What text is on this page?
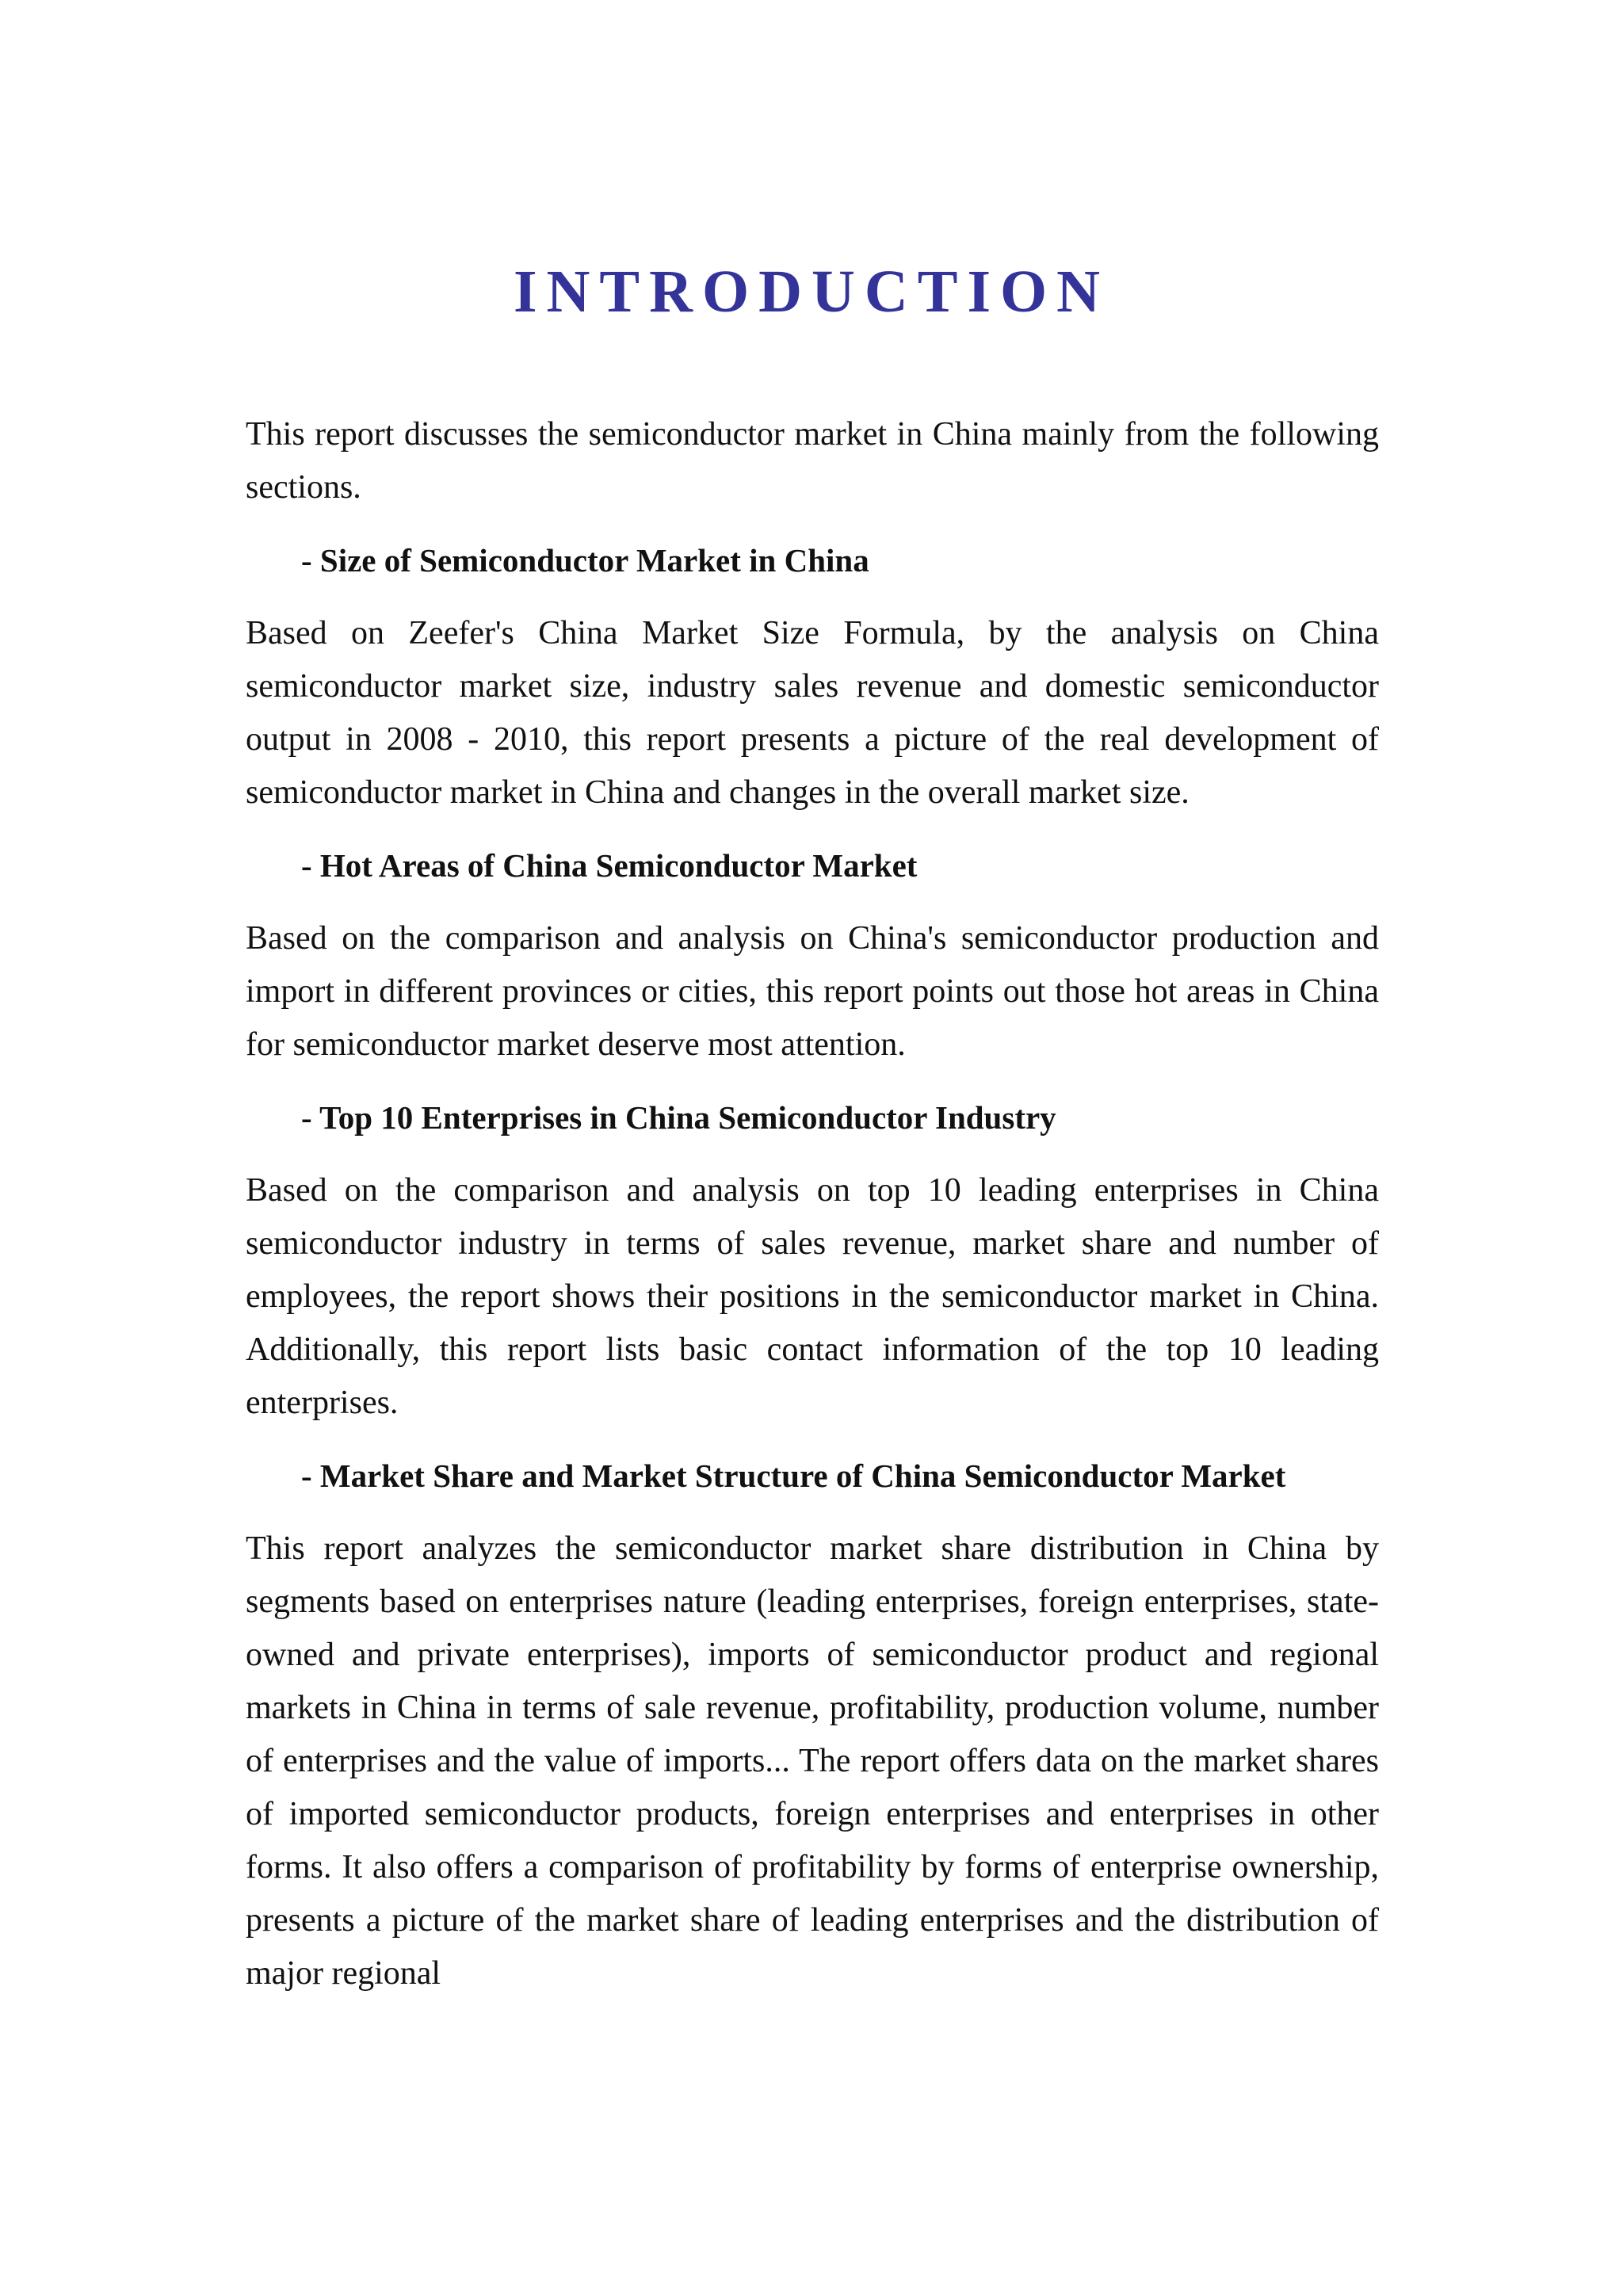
INTRODUCTION

This report discusses the semiconductor market in China mainly from the following sections.

- Size of Semiconductor Market in China

Based on Zeefer's China Market Size Formula, by the analysis on China semiconductor market size, industry sales revenue and domestic semiconductor output in 2008 - 2010, this report presents a picture of the real development of semiconductor market in China and changes in the overall market size.

- Hot Areas of China Semiconductor Market

Based on the comparison and analysis on China's semiconductor production and import in different provinces or cities, this report points out those hot areas in China for semiconductor market deserve most attention.

- Top 10 Enterprises in China Semiconductor Industry

Based on the comparison and analysis on top 10 leading enterprises in China semiconductor industry in terms of sales revenue, market share and number of employees, the report shows their positions in the semiconductor market in China. Additionally, this report lists basic contact information of the top 10 leading enterprises.

- Market Share and Market Structure of China Semiconductor Market

This report analyzes the semiconductor market share distribution in China by segments based on enterprises nature (leading enterprises, foreign enterprises, state-owned and private enterprises), imports of semiconductor product and regional markets in China in terms of sale revenue, profitability, production volume, number of enterprises and the value of imports... The report offers data on the market shares of imported semiconductor products, foreign enterprises and enterprises in other forms. It also offers a comparison of profitability by forms of enterprise ownership, presents a picture of the market share of leading enterprises and the distribution of major regional
